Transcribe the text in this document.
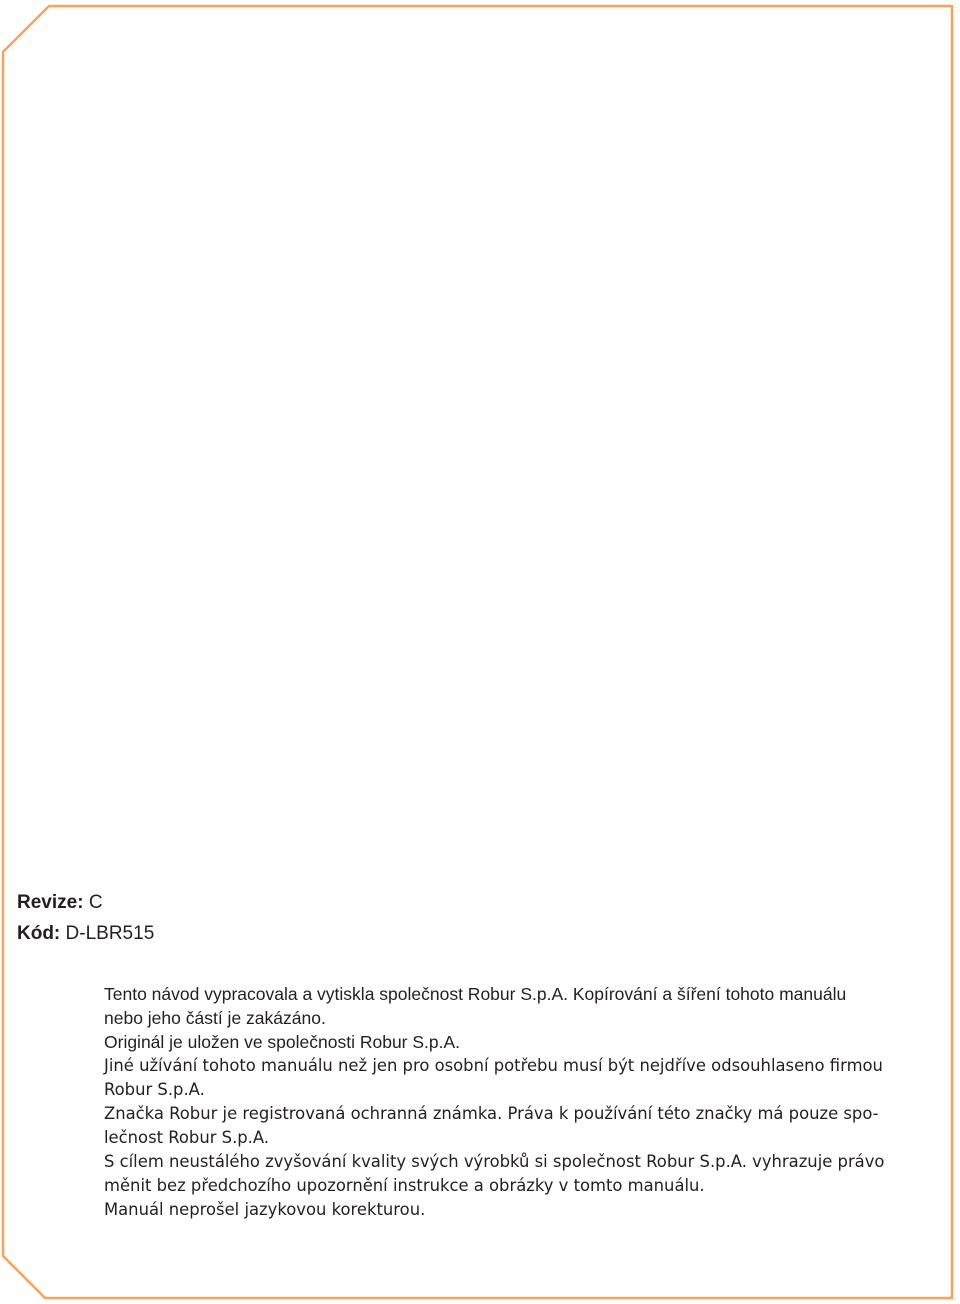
Revize: C
Kód: D-LBR515

Tento návod vypracovala a vytiskla společnost Robur S.p.A. Kopírování a šíření tohoto manuálu

nebo jeho částí je zakázáno.

Originál je uložen ve společnosti Robur S.p.A.

Jiné užívání tohoto manuálu než jen pro osobní potřebu musí být nejdříve odsouhlaseno firmou

Robur S.p.A.

Značka Robur je registrovaná ochranná známka. Práva k používání této značky má pouze spo-

lečnost Robur S.p.A.

S cílem neustálého zvyšování kvality svých výrobků si společnost Robur S.p.A. vyhrazuje právo

měnit bez předchozího upozornění instrukce a obrázky v tomto manuálu.

Manuál neprošel jazykovou korekturou.
